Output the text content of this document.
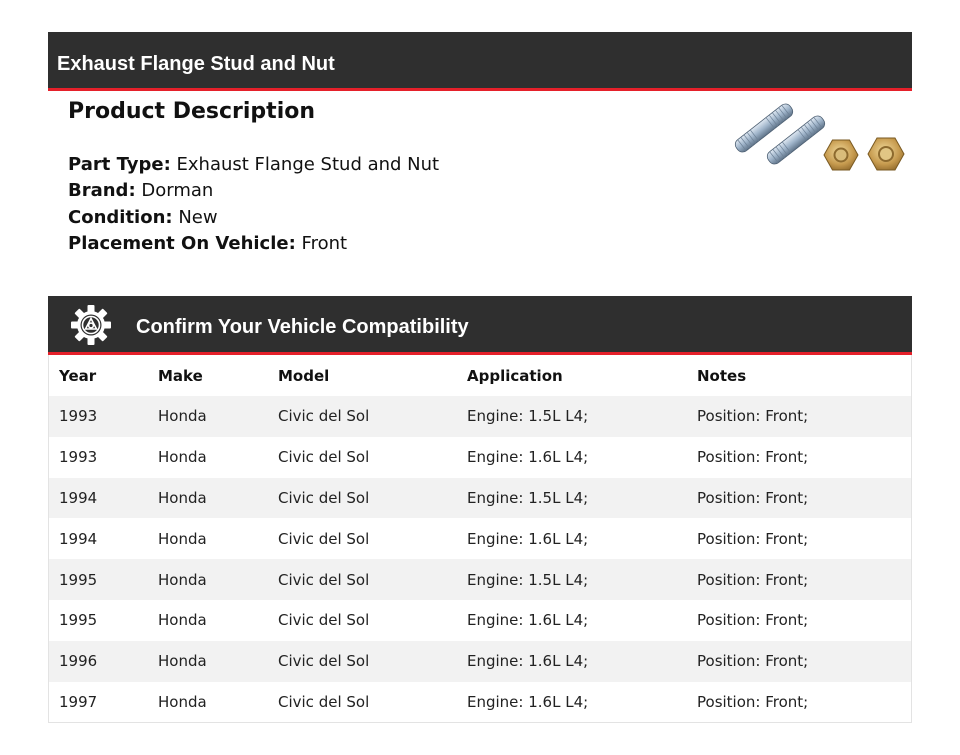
Exhaust Flange Stud and Nut
Product Description
Part Type: Exhaust Flange Stud and Nut
Brand: Dorman
Condition: New
Placement On Vehicle: Front
Confirm Your Vehicle Compatibility
Year	Make	Model	Application	Notes
1993	Honda	Civic del Sol	Engine: 1.5L L4;	Position: Front;
1993	Honda	Civic del Sol	Engine: 1.6L L4;	Position: Front;
1994	Honda	Civic del Sol	Engine: 1.5L L4;	Position: Front;
1994	Honda	Civic del Sol	Engine: 1.6L L4;	Position: Front;
1995	Honda	Civic del Sol	Engine: 1.5L L4;	Position: Front;
1995	Honda	Civic del Sol	Engine: 1.6L L4;	Position: Front;
1996	Honda	Civic del Sol	Engine: 1.6L L4;	Position: Front;
1997	Honda	Civic del Sol	Engine: 1.6L L4;	Position: Front;
